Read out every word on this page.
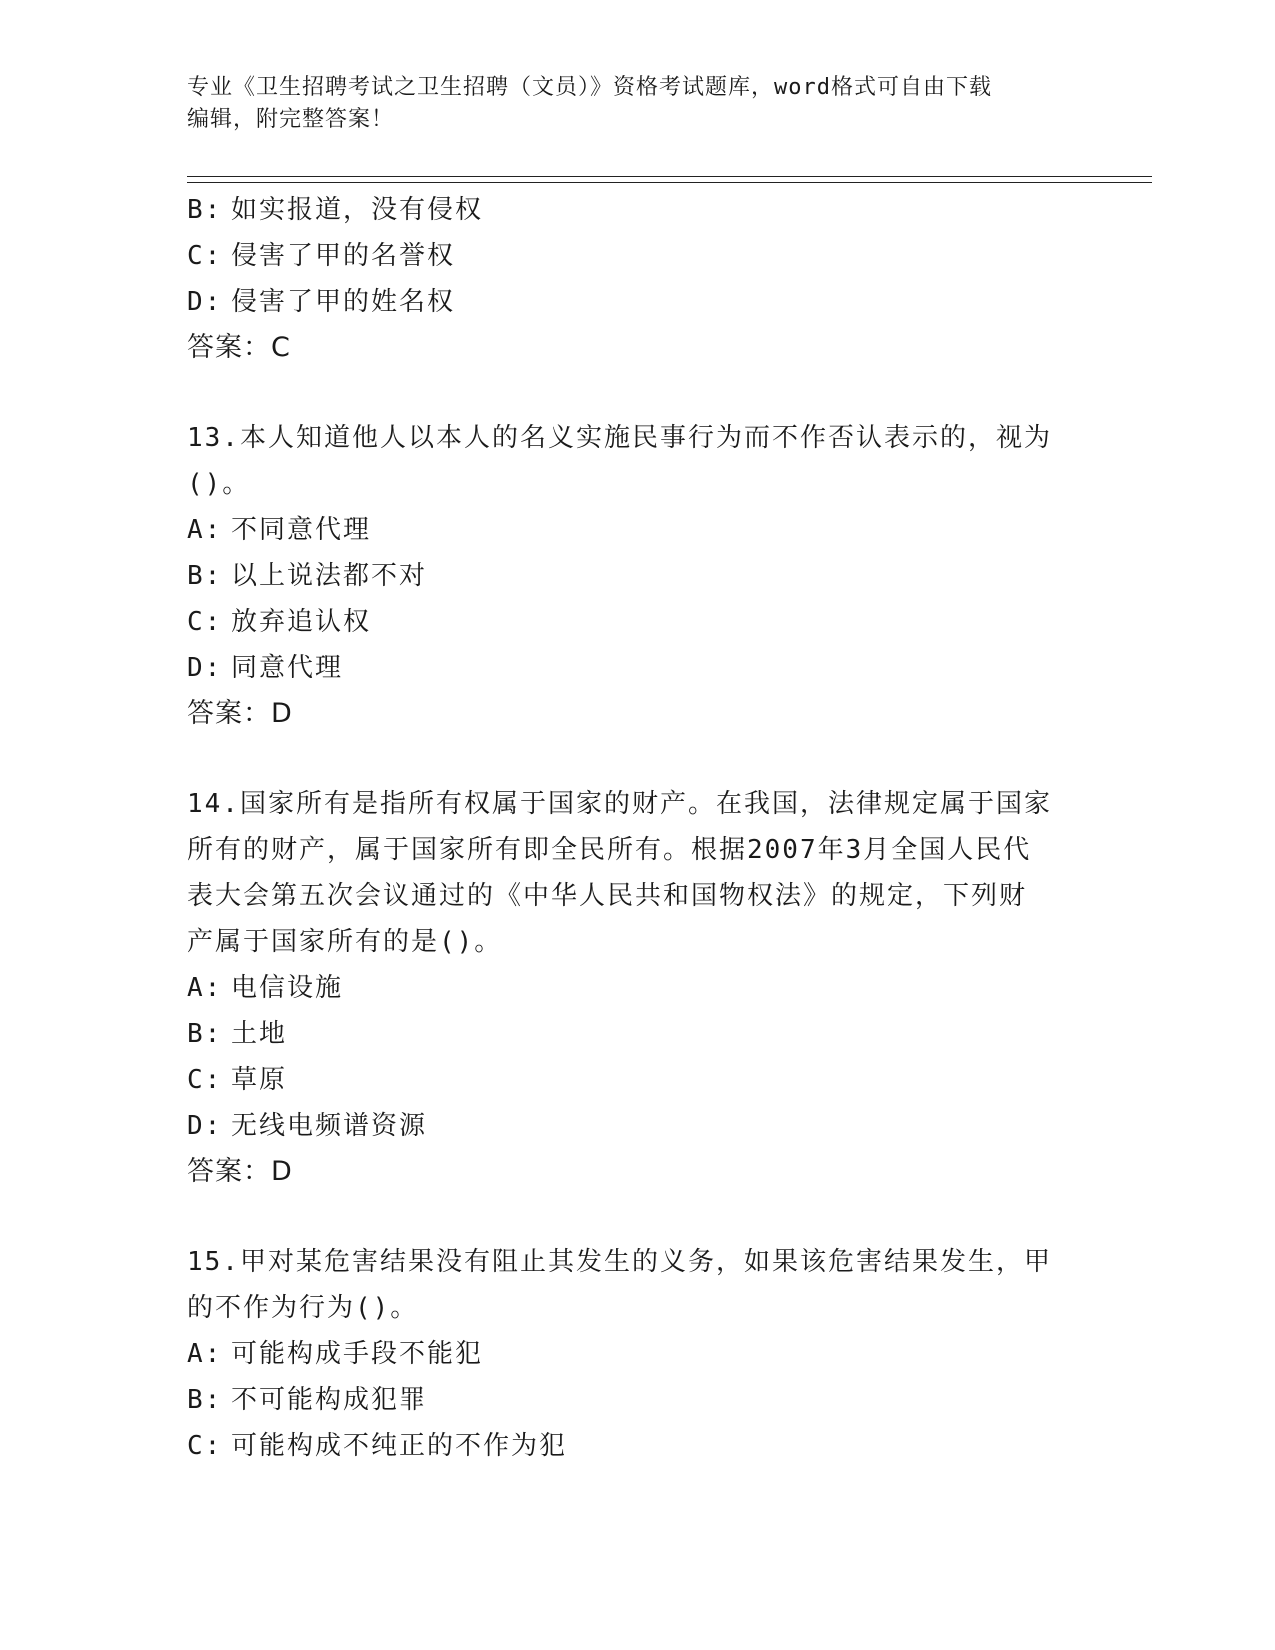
专业《卫生招聘考试之卫生招聘（文员）》资格考试题库，word格式可自由下载
编辑，附完整答案！
B: 如实报道，没有侵权
C: 侵害了甲的名誉权
D: 侵害了甲的姓名权
答案：C
13.本人知道他人以本人的名义实施民事行为而不作否认表示的，视为
()。
A: 不同意代理
B: 以上说法都不对
C: 放弃追认权
D: 同意代理
答案：D
14.国家所有是指所有权属于国家的财产。在我国，法律规定属于国家
所有的财产，属于国家所有即全民所有。根据2007年3月全国人民代
表大会第五次会议通过的《中华人民共和国物权法》的规定，下列财
产属于国家所有的是()。
A: 电信设施
B: 土地
C: 草原
D: 无线电频谱资源
答案：D
15.甲对某危害结果没有阻止其发生的义务，如果该危害结果发生，甲
的不作为行为()。
A: 可能构成手段不能犯
B: 不可能构成犯罪
C: 可能构成不纯正的不作为犯
